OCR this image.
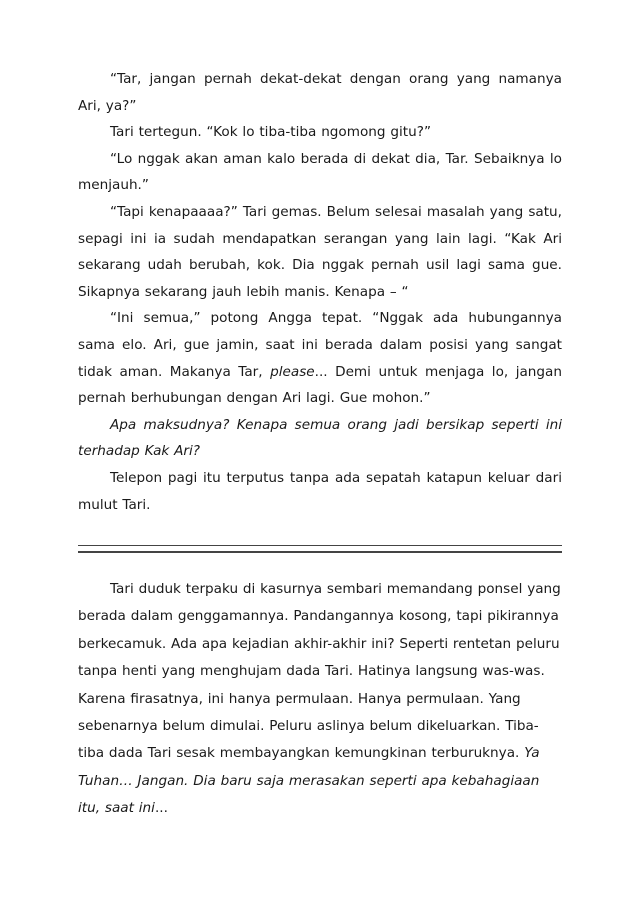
“Tar, jangan pernah dekat-dekat dengan orang yang namanya Ari, ya?”

Tari tertegun. “Kok lo tiba-tiba ngomong gitu?”

“Lo nggak akan aman kalo berada di dekat dia, Tar. Sebaiknya lo menjauh.”

“Tapi kenapaaaa?” Tari gemas. Belum selesai masalah yang satu, sepagi ini ia sudah mendapatkan serangan yang lain lagi. “Kak Ari sekarang udah berubah, kok. Dia nggak pernah usil lagi sama gue. Sikapnya sekarang jauh lebih manis. Kenapa – “

“Ini semua,” potong Angga tepat. “Nggak ada hubungannya sama elo. Ari, gue jamin, saat ini berada dalam posisi yang sangat tidak aman. Makanya Tar, please... Demi untuk menjaga lo, jangan pernah berhubungan dengan Ari lagi. Gue mohon.”

Apa maksudnya? Kenapa semua orang jadi bersikap seperti ini terhadap Kak Ari?

Telepon pagi itu terputus tanpa ada sepatah katapun keluar dari mulut Tari.

Tari duduk terpaku di kasurnya sembari memandang ponsel yang berada dalam genggamannya. Pandangannya kosong, tapi pikirannya berkecamuk. Ada apa kejadian akhir-akhir ini? Seperti rentetan peluru tanpa henti yang menghujam dada Tari. Hatinya langsung was-was. Karena firasatnya, ini hanya permulaan. Hanya permulaan. Yang sebenarnya belum dimulai. Peluru aslinya belum dikeluarkan. Tiba-tiba dada Tari sesak membayangkan kemungkinan terburuknya. Ya Tuhan… Jangan. Dia baru saja merasakan seperti apa kebahagiaan itu, saat ini...
